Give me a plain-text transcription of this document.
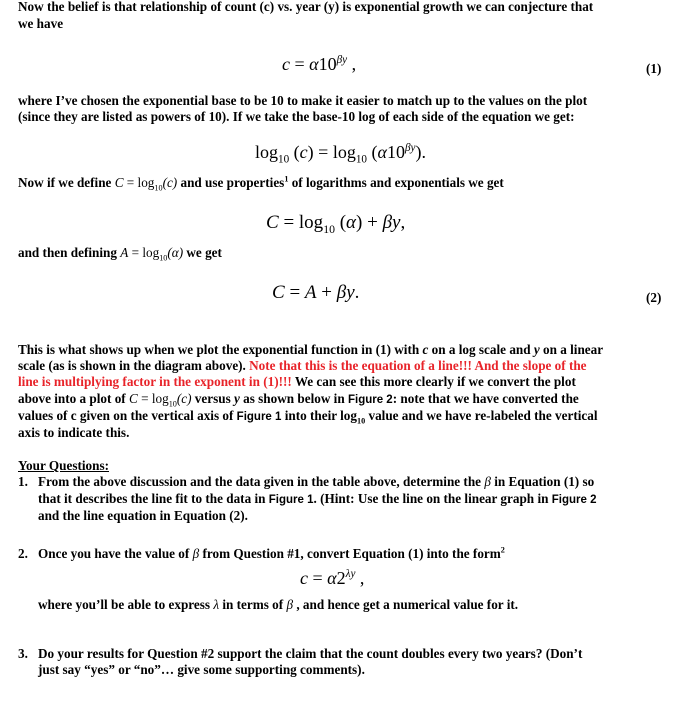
Now the belief is that relationship of count (c) vs. year (y) is exponential growth we can conjecture that
we have
$c = \alpha 10^{\beta y}$ ,	(1)
where I’ve chosen the exponential base to be 10 to make it easier to match up to the values on the plot
(since they are listed as powers of 10). If we take the base-10 log of each side of the equation we get:
$\log_{10} (c) = \log_{10} (\alpha 10^{\beta y})$.
Now if we define $C = \log_{10}(c)$ and use properties$^1$ of logarithms and exponentials we get
$C = \log_{10} (\alpha) + \beta y$,
and then defining $A = \log_{10}(\alpha)$ we get
C = A + βy.	(2)
This is what shows up when we plot the exponential function in (1) with c on a log scale and y on a linear
scale (as is shown in the diagram above). Note that this is the equation of a line!!! And the slope of the
line is multiplying factor in the exponent in (1)!!! We can see this more clearly if we convert the plot
above into a plot of $C = \log_{10}(c)$ versus y as shown below in Figure 2: note that we have converted the
values of c given on the vertical axis of Figure 1 into their $\log_{10}$ value and we have re-labeled the vertical
axis to indicate this.
Your Questions:
1. From the above discussion and the data given in the table above, determine the β in Equation (1) so
that it describes the line fit to the data in Figure 1. (Hint: Use the line on the linear graph in Figure 2
and the line equation in Equation (2).
2. Once you have the value of β from Question #1, convert Equation (1) into the form$^2$
$c = \alpha 2^{\lambda y}$ ,
where you’ll be able to express λ in terms of β , and hence get a numerical value for it.
3. Do your results for Question #2 support the claim that the count doubles every two years? (Don’t
just say “yes” or “no”… give some supporting comments).
